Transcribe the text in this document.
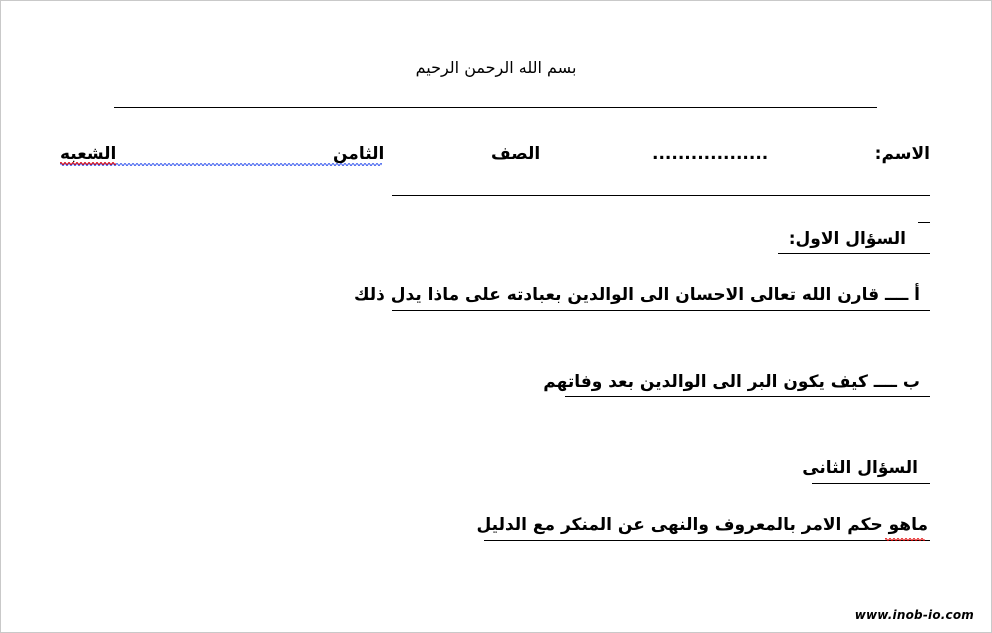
بسم الله الرحمن الرحيم
الاسم:
..................
الصف
الثامن
الشعبه
السؤال الاول:
أ ــــ قارن الله تعالى الاحسان الى الوالدين بعبادته على ماذا يدل ذلك
ب ــــ كيف يكون البر الى الوالدين بعد وفاتهم
السؤال الثانى
ماهو حكم الامر بالمعروف والنهى عن المنكر مع الدليل
www.inob-io.com
